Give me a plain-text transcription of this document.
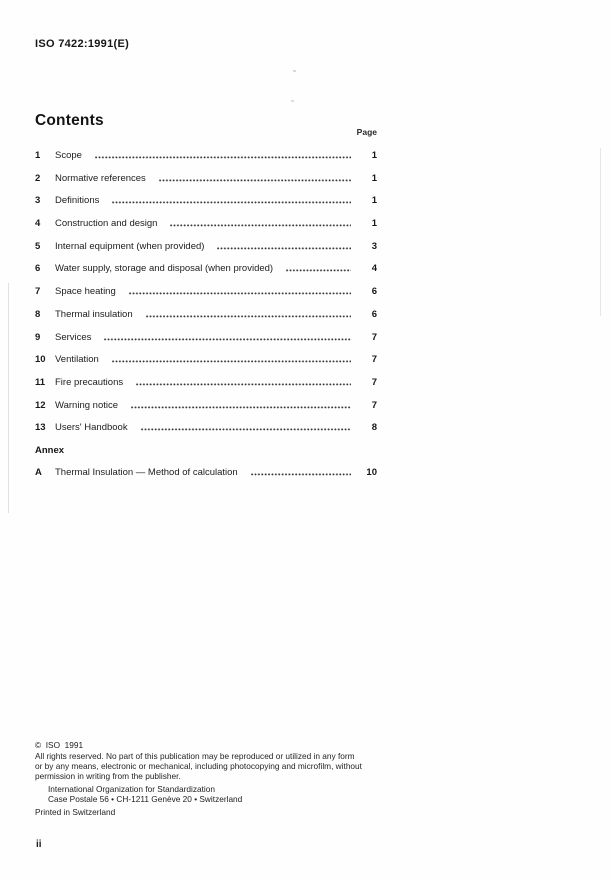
ISO 7422:1991(E)
Contents
Page
1	Scope	1
2	Normative references	1
3	Definitions	1
4	Construction and design	1
5	Internal equipment (when provided)	3
6	Water supply, storage and disposal (when provided)	4
7	Space heating	6
8	Thermal insulation	6
9	Services	7
10 Ventilation	7
11	Fire precautions	7
12 Warning notice	7
13 Users' Handbook	8
Annex
A	Thermal Insulation — Method of calculation	10
©  ISO  1991
All rights reserved. No part of this publication may be reproduced or utilized in any form
or by any means, electronic or mechanical, including photocopying and microfilm, without
permission in writing from the publisher.
International Organization for Standardization
Case Postale 56 • CH-1211 Genève 20 • Switzerland
Printed in Switzerland
ii
